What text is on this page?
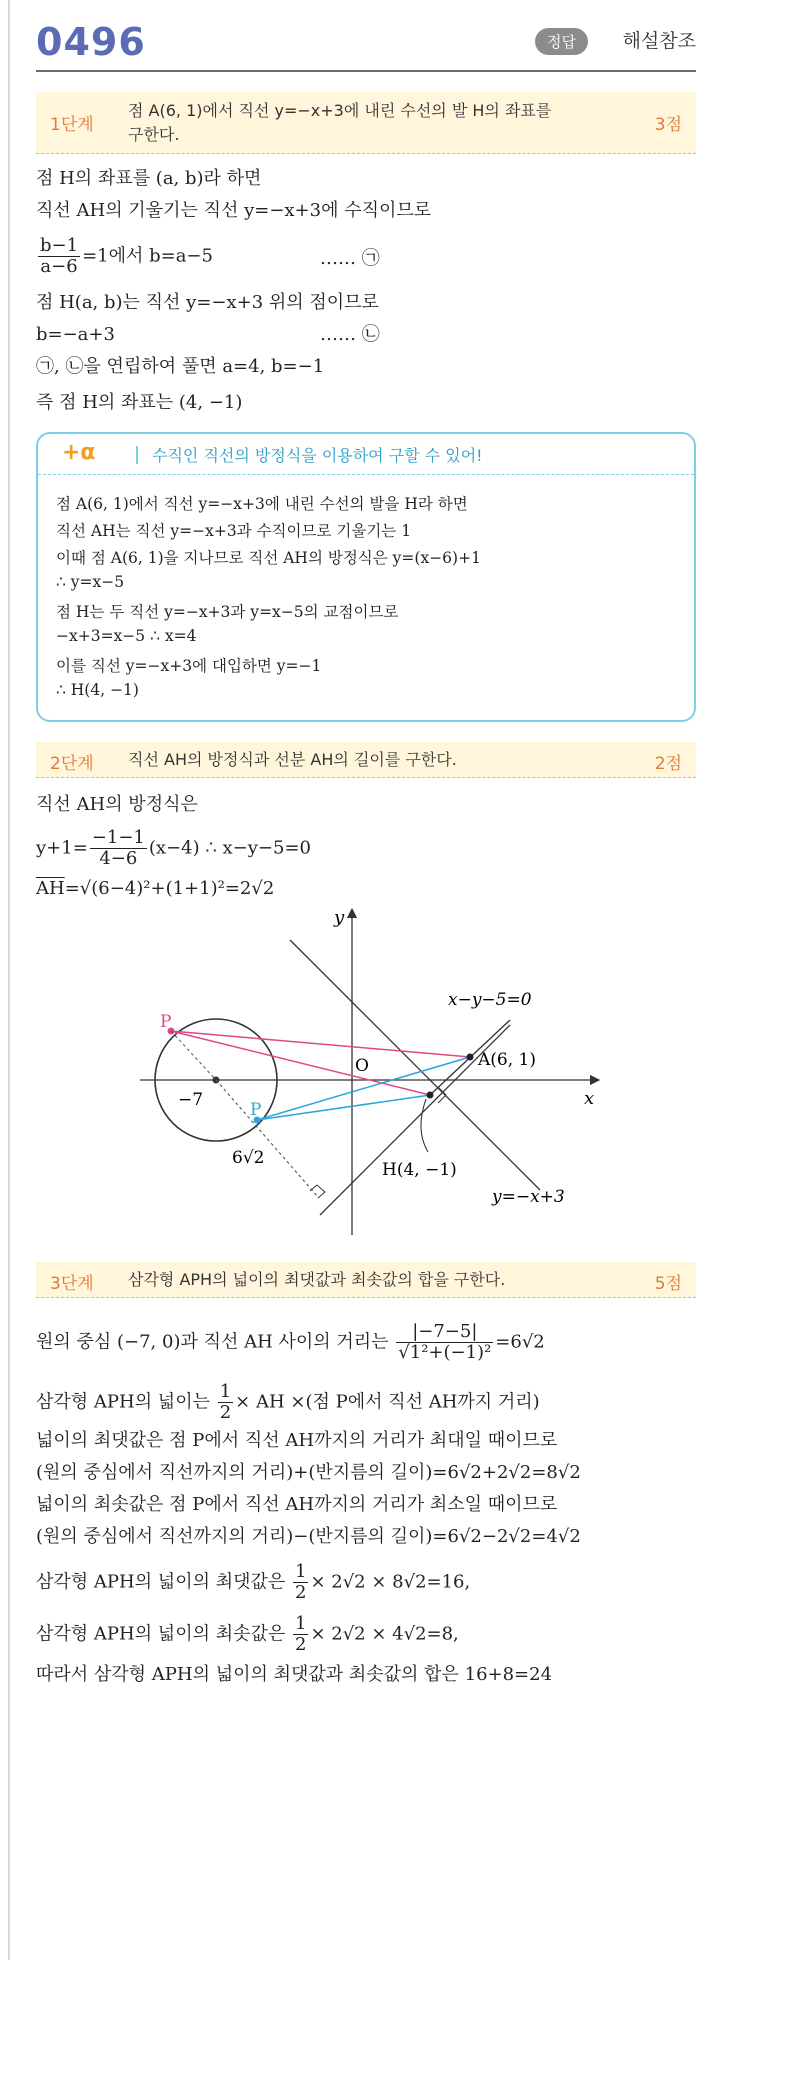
0496	정답	해설참조
1단계
점 A(6, 1)에서 직선 y=−x+3에 내린 수선의 발 H의 좌표를
구한다.	3점
점 H의 좌표를 (a, b)라 하면
직선 AH의 기울기는 직선 y=−x+3에 수직이므로
$\frac{b-1}{a-6} =1$에서 b=a−5	…… ㉠
점 H(a, b)는 직선 y=−x+3 위의 점이므로
b=−a+3	…… ㉡
㉠, ㉡을 연립하여 풀면 a=4, b=−1
즉 점 H의 좌표는 (4, −1)
+α	수직인 직선의 방정식을 이용하여 구할 수 있어!
점 A(6, 1)에서 직선 y=−x+3에 내린 수선의 발을 H라 하면
직선 AH는 직선 y=−x+3과 수직이므로 기울기는 1
이때 점 A(6, 1)을 지나므로 직선 AH의 방정식은 y=(x−6)+1
∴ y=x−5
점 H는 두 직선 y=−x+3과 y=x−5의 교점이므로
−x+3=x−5 ∴ x=4
이를 직선 y=−x+3에 대입하면 y=−1
∴ H(4, −1)
2단계 직선 AH의 방정식과 선분 AH의 길이를 구한다.	2점
직선 AH의 방정식은
$y+1= \frac{-1-1}{4-6} (x-4)$ ∴ x−y−5=0
$\overline{AH}=√(6-4)^2+(1+1)^2=2√2$
x
y
O
−7
6√2
P
P
A(6, 1)
H(4, −1)
x−y−5=0
y=−x+3
3단계 삼각형 APH의 넓이의 최댓값과 최솟값의 합을 구한다.	5점
원의 중심 (−7, 0)과 직선 AH 사이의 거리는 $\frac{|-7-5|}{\text{√1²+(−1)²}} =6√2$
삼각형 APH의 넓이는 $\frac{1}{2}$ × AH ×(점 P에서 직선 AH까지 거리)
넓이의 최댓값은 점 P에서 직선 AH까지의 거리가 최대일 때이므로
(원의 중심에서 직선까지의 거리)+(반지름의 길이)=6√2+2√2=8√2
넓이의 최솟값은 점 P에서 직선 AH까지의 거리가 최소일 때이므로
(원의 중심에서 직선까지의 거리)−(반지름의 길이)=6√2−2√2=4√2
삼각형 APH의 넓이의 최댓값은 $\frac{1}{2} \times 2√2 \times 8√2=16$,
삼각형 APH의 넓이의 최솟값은 $\frac{1}{2} \times 2√2 \times 4√2=8$,
따라서 삼각형 APH의 넓이의 최댓값과 최솟값의 합은 16+8=24
